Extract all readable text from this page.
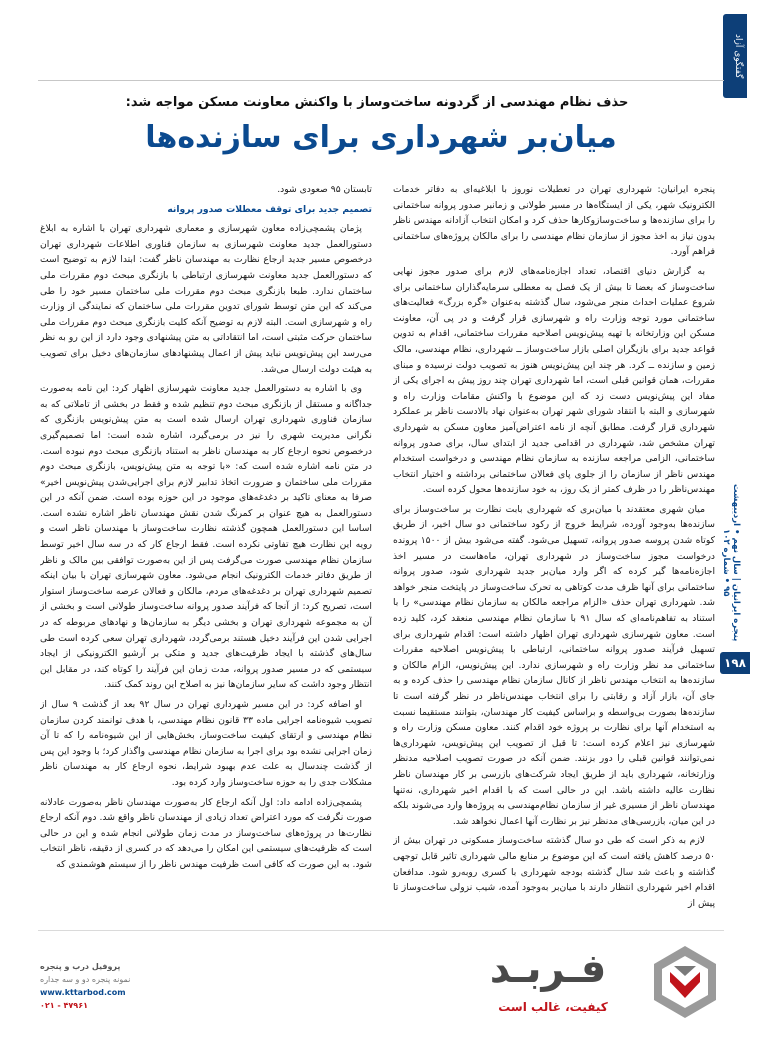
گفتگو‌ی آزاد
حذف نظام مهندسی از گردونه ساخت‌وساز با واکنش معاونت مسکن مواجه شد:
میان‌بر شهرداری برای سازنده‌ها

پنجره ایرانیان: شهرداری تهران در تعطیلات نوروز با ابلاغیه‌ای به دفاتر خدمات الکترونیک شهر، یکی از ایستگاه‌ها در مسیر طولانی و زمانبر صدور پروانه ساختمانی را برای سازنده‌ها و ساخت‌وسازوکار‌ها حذف کرد و امکان انتخاب آزادانه مهندس ناظر بدون نیاز به اخذ مجوز از سازمان نظام مهندسی را برای مالکان پروژه‌های ساختمانی فراهم آورد.

به گزارش دنیای اقتصاد، تعداد اجازه‌نامه‌های لازم برای صدور مجوز نهایی ساخت‌وساز که بعضا تا بیش از یک فصل به معطلی سرمایه‌گذاران ساختمانی برای شروع عملیات احداث منجر می‌شود، سال گذشته به‌عنوان «گره بزرگ» فعالیت‌های ساختمانی مورد توجه وزارت راه و شهرسازی قرار گرفت و در پی آن، معاونت مسکن این وزارتخانه با تهیه پیش‌نویس اصلاحیه مقررات ساختمانی، اقدام به تدوین قواعد جدید برای بازیگران اصلی بازار ساخت‌وساز ــ شهرداری، نظام مهندسی، مالک زمین و سازنده ــ کرد. هر چند این پیش‌نویس هنوز به تصویب دولت نرسیده و مبنای مقررات، همان قوانین قبلی است، اما شهرداری تهران چند روز پیش به اجرای یکی از مفاد این پیش‌نویس دست زد که این موضوع با واکنش مقامات وزارت راه و شهرسازی و البته با انتقاد شورای شهر تهران به‌عنوان نهاد بالادست ناظر بر عملکرد شهرداری قرار گرفت. مطابق آنچه از نامه اعتراض‌آمیز معاون مسکن به شهرداری تهران مشخص شد، شهرداری در اقدامی جدید از ابتدای سال، برای صدور پروانه ساختمانی، الزامی مراجعه سازنده به سازمان نظام مهندسی و درخواست استخدام مهندس ناظر از سازمان را از جلوی پای فعالان ساختمانی برداشته و اختیار انتخاب مهندس‌ناظر را در ظرف کمتر از یک روز، به خود سازنده‌ها محول کرده است.

میان شهری معتقدند با میان‌بری که شهرداری بابت نظارت بر ساخت‌وساز برای سازنده‌ها به‌وجود آورده، شرایط خروج از رکود ساختمانی دو سال اخیر، از طریق کوتاه شدن پروسه صدور پروانه، تسهیل می‌شود. گفته می‌شود بیش از ۱۵۰۰ پرونده درخواست مجوز ساخت‌وساز در شهرداری تهران، ماه‌هاست در مسیر اخذ اجازه‌نامه‌ها گیر کرده که اگر وارد میان‌بر جدید شهرداری شود، صدور پروانه ساختمانی برای آنها ظرف مدت کوتاهی به تحرک ساخت‌وساز در پایتخت منجر خواهد شد. شهرداری تهران حذف «الزام مراجعه مالکان به سازمان نظام مهندسی» را با استناد به تفاهم‌نامه‌ای که سال ۹۱ با سازمان نظام مهندسی منعقد کرد، کلید زده است. معاون شهرسازی شهرداری تهران اظهار داشته است: اقدام شهرداری برای تسهیل فرآیند صدور پروانه ساختمانی، ارتباطی با پیش‌نویس اصلاحیه مقررات ساختمانی مد نظر وزارت راه و شهرسازی ندارد. این پیش‌نویس، الزام مالکان و سازنده‌ها به انتخاب مهندس ناظر از کانال سازمان نظام مهندسی را حذف کرده و به جای آن، بازار آزاد و رقابتی را برای انتخاب مهندس‌ناظر در نظر گرفته است تا سازنده‌ها بصورت بی‌واسطه و براساس کیفیت کار مهندسان، بتوانند مستقیما نسبت به استخدام آنها برای نظارت بر پروژه خود اقدام کنند. معاون مسکن وزارت راه و شهرسازی نیز اعلام کرده است: تا قبل از تصویب این پیش‌نویس، شهرداری‌ها نمی‌توانند قوانین قبلی را دور بزنند. ضمن آنکه در صورت تصویب اصلاحیه مدنظر وزارتخانه، شهرداری باید از طریق ایجاد شرکت‌های بازرسی بر کار مهندسان ناظر نظارت عالیه داشته باشد. این در حالی است که با اقدام اخیر شهرداری، نه‌تنها مهندسان ناظر از مسیری غیر از سازمان نظام‌مهندسی به پروژه‌ها وارد می‌شوند بلکه در این میان، بازرسی‌های مدنظر نیز بر نظارت آنها اعمال نخواهد شد.

لازم به ذکر است که طی دو سال گذشته ساخت‌وساز مسکونی در تهران بیش از ۵۰ درصد کاهش یافته است که این موضوع بر منابع مالی شهرداری تاثیر قابل توجهی گذاشته و باعث شد سال گذشته بودجه شهرداری با کسری روبه‌رو شود. مدافعان اقدام اخیر شهرداری انتظار دارند با میان‌بر به‌وجود آمده، شیب نزولی ساخت‌وساز تا پیش از

تابستان ۹۵ صعودی شود.

تصمیم جدید برای توقف معطلات صدور پروانه

پژمان پشمچی‌زاده معاون شهرسازی و معماری شهرداری تهران با اشاره به ابلاغ دستورالعمل جدید معاونت شهرسازی به سازمان فناوری اطلاعات شهرداری تهران درخصوص مسیر جدید ارجاع نظارت به مهندسان ناظر گفت: ابتدا لازم به توضیح است که دستورالعمل جدید معاونت شهرسازی ارتباطی با بازنگری مبحث دوم مقررات ملی ساختمان ندارد. طبعا بازنگری مبحث دوم مقررات ملی ساختمان مسیر خود را طی می‌کند که این متن توسط شورای تدوین مقررات ملی ساختمان که نمایندگی از وزارت راه و شهرسازی است. البته لازم به توضیح آنکه کلیت بازنگری مبحث دوم مقررات ملی ساختمان حرکت مثبتی است، اما انتقاداتی به متن پیشنهادی وجود دارد از این رو به نظر می‌رسد این پیش‌نویس نباید پیش از اعمال پیشنهادهای سازمان‌های دخیل برای تصویب به هیئت دولت ارسال می‌شد.

وی با اشاره به دستورالعمل جدید معاونت شهرسازی اظهار کرد: این نامه به‌صورت جداگانه و مستقل از بازنگری مبحث دوم تنظیم شده و فقط در بخشی از تاملاتی که به سازمان فناوری شهرداری تهران ارسال شده است به متن پیش‌نویس بازنگری که نگرانی مدیریت شهری را نیز در برمی‌گیرد، اشاره شده است: اما تصمیم‌گیری درخصوص نحوه ارجاع کار به مهندسان ناظر به استناد بازنگری مبحث دوم نبوده است. در متن نامه اشاره شده است که: «با توجه به متن پیش‌نویس، بازنگری مبحث دوم مقررات ملی ساختمان و ضرورت اتخاذ تدابیر لازم برای اجرایی‌شدن پیش‌نویس اخیر» صرفا به معنای تاکید بر دغدغه‌های موجود در این حوزه بوده است. ضمن آنکه در این دستورالعمل به هیچ عنوان بر کمرنگ شدن نقش مهندسان ناظر اشاره نشده است. اساسا این دستورالعمل همچون گذشته نظارت ساخت‌وساز با مهندسان ناظر است و رویه این نظارت هیچ تفاوتی نکرده است. فقط ارجاع کار که در سه سال اخیر توسط سازمان نظام مهندسی صورت می‌گرفت پس از این به‌صورت توافقی بین مالک و ناظر از طریق دفاتر خدمات الکترونیک انجام می‌شود. معاون شهرسازی تهران با بیان اینکه تصمیم شهرداری تهران بر دغدغه‌های مردم، مالکان و فعالان عرصه ساخت‌وساز استوار است، تصریح کرد: از آنجا که فرآیند صدور پروانه ساخت‌وساز طولانی است و بخشی از آن به مجموعه شهرداری تهران و بخشی دیگر به سازمان‌ها و نهادهای مربوطه که در اجرایی شدن این فرآیند دخیل هستند برمی‌گردد، شهرداری تهران سعی کرده است طی سال‌های گذشته با ایجاد ظرفیت‌های جدید و متکی بر آرشیو الکترونیکی از ایجاد سیستمی که در مسیر صدور پروانه، مدت زمان این فرآیند را کوتاه کند، در مقابل این انتظار وجود داشت که سایر سازمان‌ها نیز به اصلاح این روند کمک کنند.

او اضافه کرد: در این مسیر شهرداری تهران در سال ۹۲ بعد از گذشت ۹ سال از تصویب شیوه‌نامه اجرایی ماده ۳۳ قانون نظام مهندسی، با هدف توانمند کردن سازمان نظام مهندسی و ارتقای کیفیت ساخت‌وساز، بخش‌هایی از این شیوه‌نامه را که تا آن زمان اجرایی نشده بود برای اجرا به سازمان نظام مهندسی واگذار کرد؛ با وجود این پس از گذشت چندسال به علت عدم بهبود شرایط، نحوه ارجاع کار به مهندسان ناظر مشکلات جدی را به حوزه ساخت‌وساز وارد کرده بود.

پشمچی‌زاده ادامه داد: اول آنکه ارجاع کار به‌صورت مهندسان ناظر به‌صورت عادلانه صورت نگرفت که مورد اعتراض تعداد زیادی از مهندسان ناظر واقع شد. دوم آنکه ارجاع نظارت‌ها در پروژه‌های ساخت‌وساز در مدت زمان طولانی انجام شده و این در حالی است که ظرفیت‌های سیستمی این امکان را می‌دهد که در کسری از دقیقه، ناظر انتخاب شود. به این صورت که کافی است ظرفیت مهندس ناظر را از سیستم هوشمندی که

پنجره ایرانیان | سال نهم • اردیبهشت ۹۵ • شماره ۱۰۲
۱۹۸
فـربـد
کیفیت، غالب است
پروفیل درب و پنجره
نمونه پنجره دو و سه جداره
www.kttarbod.com
۰۲۱ - ۴۷۹۶۱
